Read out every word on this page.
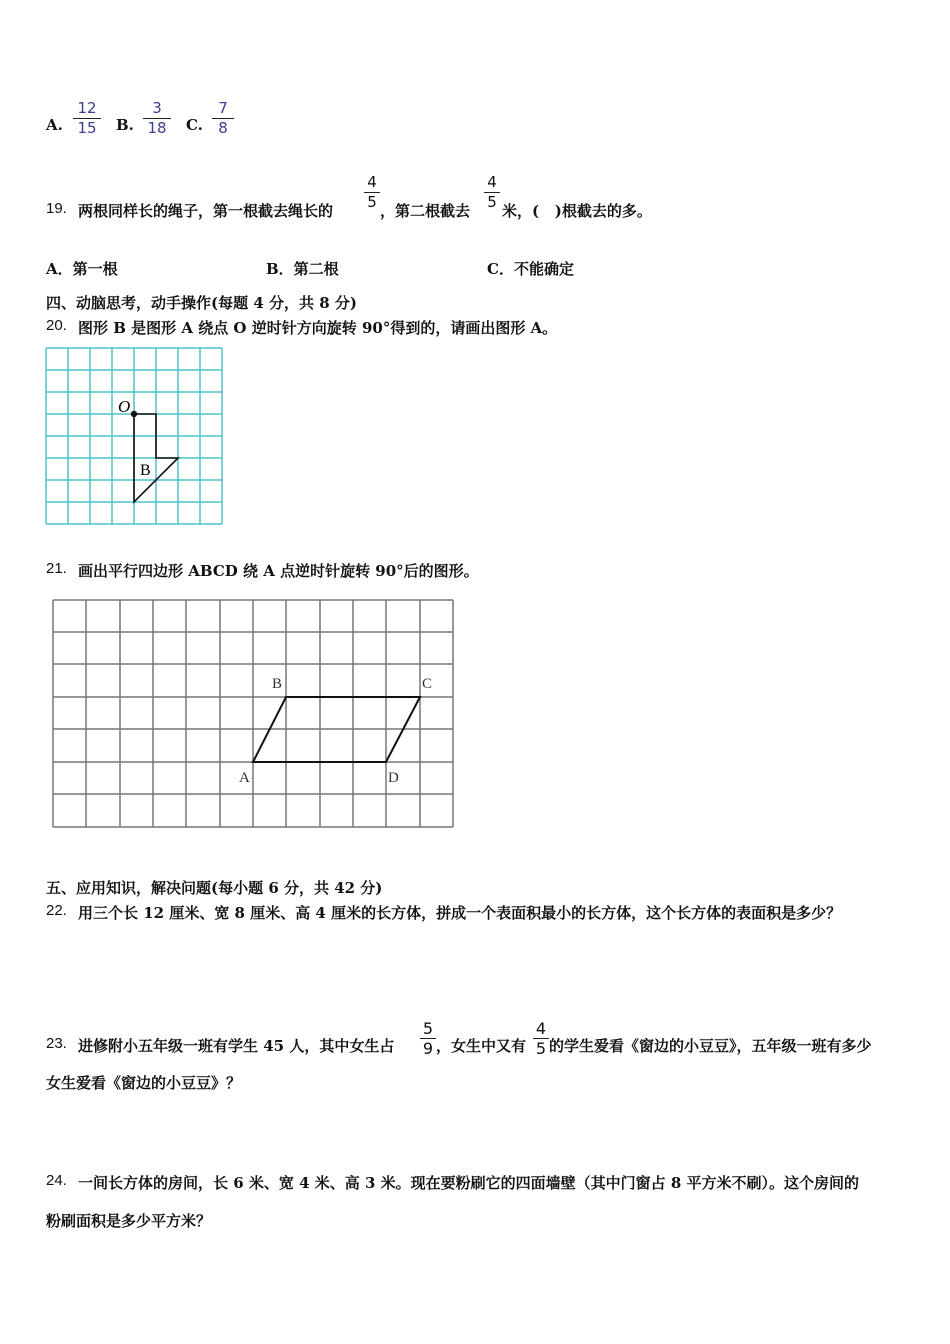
A.
12
15 B.
3
18 C.
7
8
19. 两根同样长的绳子，第一根截去绳长的
4
5 ，第二根截去
4
5 米，(   )根截去的多。
A．第一根	B．第二根	C．不能确定
四、动脑思考，动手操作(每题 4 分，共 8 分)
20. 图形 B 是图形 A 绕点 O 逆时针方向旋转 90°得到的，请画出图形 A。
O
B
21. 画出平行四边形 ABCD 绕 A 点逆时针旋转 90°后的图形。
A
B	C
D
五、应用知识，解决问题(每小题 6 分，共 42 分)
22. 用三个长 12 厘米、宽 8 厘米、高 4 厘米的长方体，拼成一个表面积最小的长方体，这个长方体的表面积是多少？
23. 进修附小五年级一班有学生 45 人，其中女生占
5
9 ，女生中又有
4
5 的学生爱看《窗边的小豆豆》，五年级一班有多少
女生爱看《窗边的小豆豆》？
24. 一间长方体的房间，长 6 米、宽 4 米、高 3 米。现在要粉刷它的四面墙壁（其中门窗占 8 平方米不刷）。这个房间的
粉刷面积是多少平方米？
